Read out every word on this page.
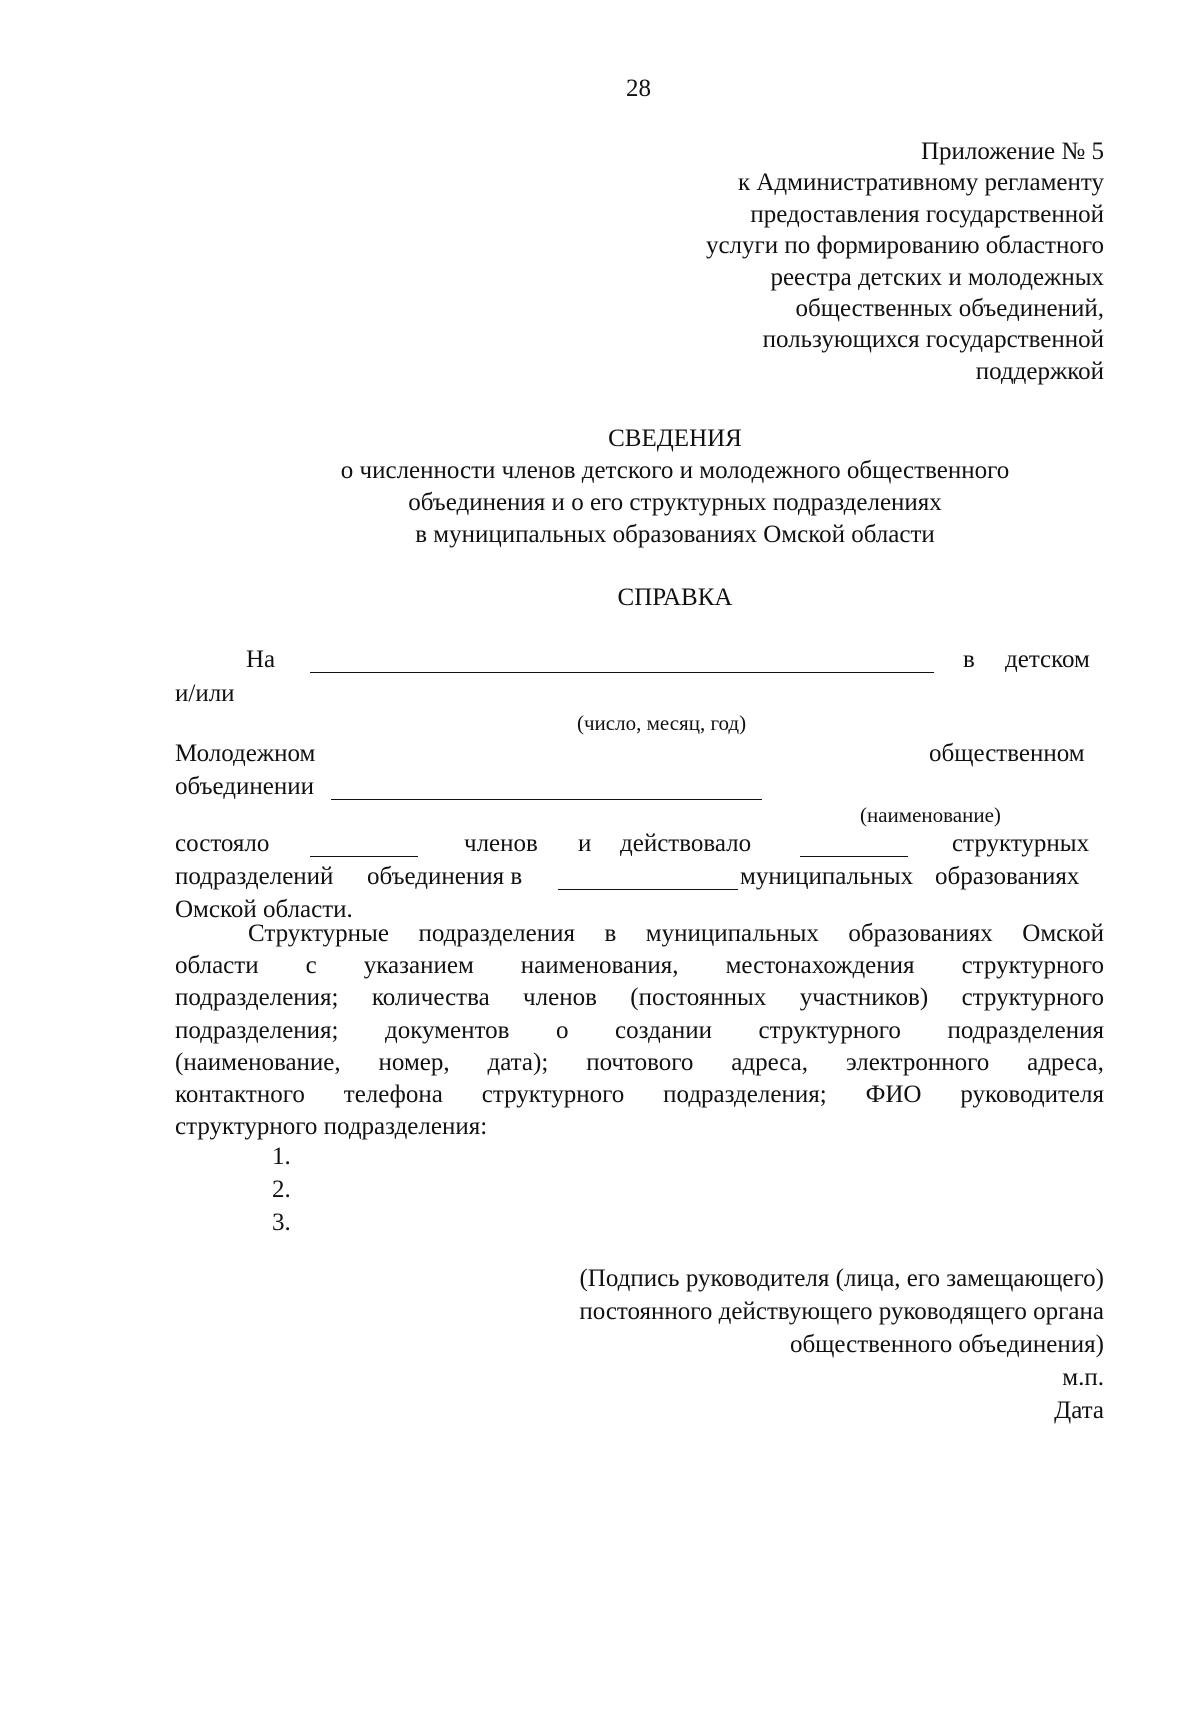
28
Приложение № 5
к Административному регламенту
предоставления государственной
услуги по формированию областного
реестра детских и молодежных
общественных объединений,
пользующихся государственной
поддержкой
СВЕДЕНИЯ
о численности членов детского и молодежного общественного
объединения и о его структурных подразделениях
в муниципальных образованиях Омской области
СПРАВКА
На	в детском
и/или
(число, месяц, год)
Молодежном	общественном
объединении
(наименование)
состояло	членов и действовало	структурных
подразделений объединения в	муниципальных образованиях
Омской области.
Структурные подразделения в муниципальных образованиях Омской
области с указанием наименования, местонахождения структурного
подразделения; количества членов (постоянных участников) структурного
подразделения; документов о создании структурного подразделения
(наименование, номер, дата); почтового адреса, электронного адреса,
контактного телефона структурного подразделения; ФИО руководителя
структурного подразделения:
1.
2.
3.
(Подпись руководителя (лица, его замещающего)
постоянного действующего руководящего органа
общественного объединения)
м.п.
Дата
